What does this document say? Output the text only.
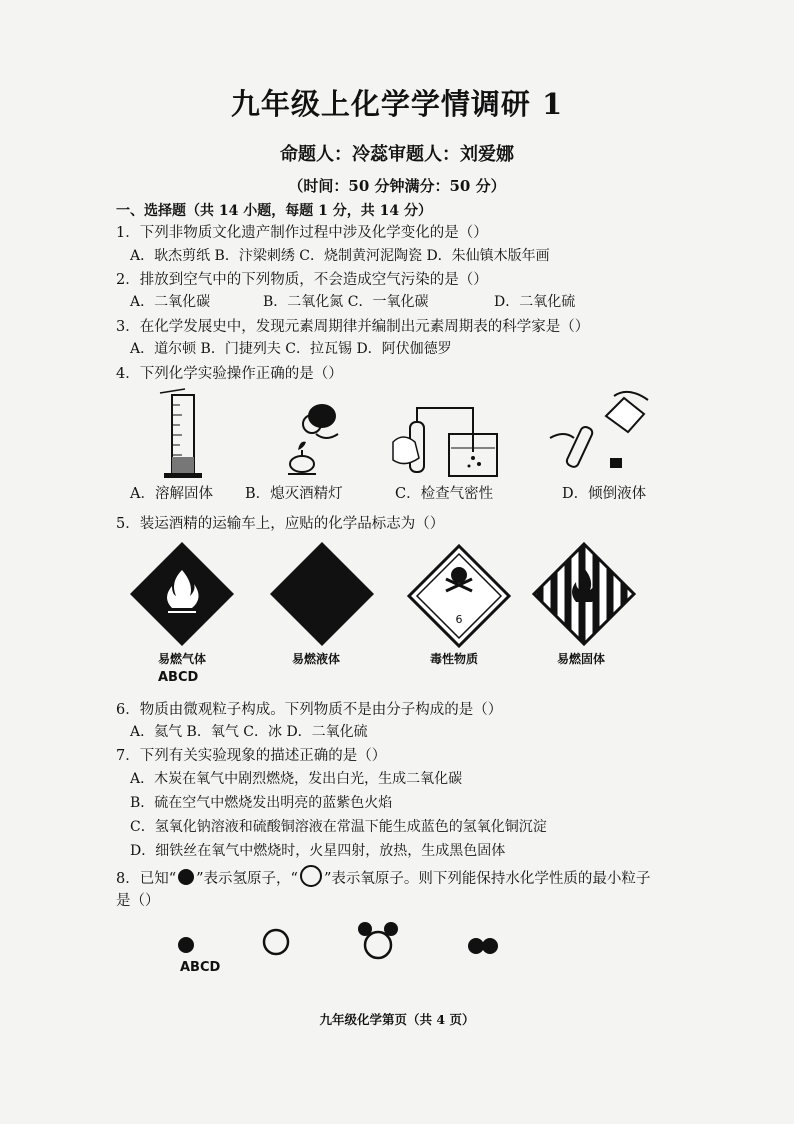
九年级上化学学情调研 1
命题人：冷蕊审题人：刘爱娜
（时间：50 分钟满分：50 分）
一、选择题（共 14 小题，每题 1 分，共 14 分）
1．下列非物质文化遗产制作过程中涉及化学变化的是（）
A．耿杰剪纸 B．汴梁刺绣 C．烧制黄河泥陶瓷 D．朱仙镇木版年画
2．排放到空气中的下列物质，不会造成空气污染的是（）
A．二氧化碳	B．二氧化氮 C．一氧化碳	D．二氧化硫
3．在化学发展史中，发现元素周期律并编制出元素周期表的科学家是（）
A．道尔顿 B．门捷列夫 C．拉瓦锡 D．阿伏伽德罗
4．下列化学实验操作正确的是（）
A．溶解固体 B．熄灭酒精灯	C．检查气密性	D．倾倒液体
5．装运酒精的运输车上，应贴的化学品标志为（）
6
易燃气体	易燃液体	毒性物质	易燃固体
ABCD
6．物质由微观粒子构成。下列物质不是由分子构成的是（）
A．氦气 B．氧气 C．冰 D．二氧化硫
7．下列有关实验现象的描述正确的是（）
A．木炭在氧气中剧烈燃烧，发出白光，生成二氧化碳
B．硫在空气中燃烧发出明亮的蓝紫色火焰
C．氢氧化钠溶液和硫酸铜溶液在常温下能生成蓝色的氢氧化铜沉淀
D．细铁丝在氧气中燃烧时，火星四射，放热，生成黑色固体
8．已知“ ”表示氢原子，“ ”表示氧原子。则下列能保持水化学性质的最小粒子
是（）
ABCD
九年级化学第页（共 4 页）
